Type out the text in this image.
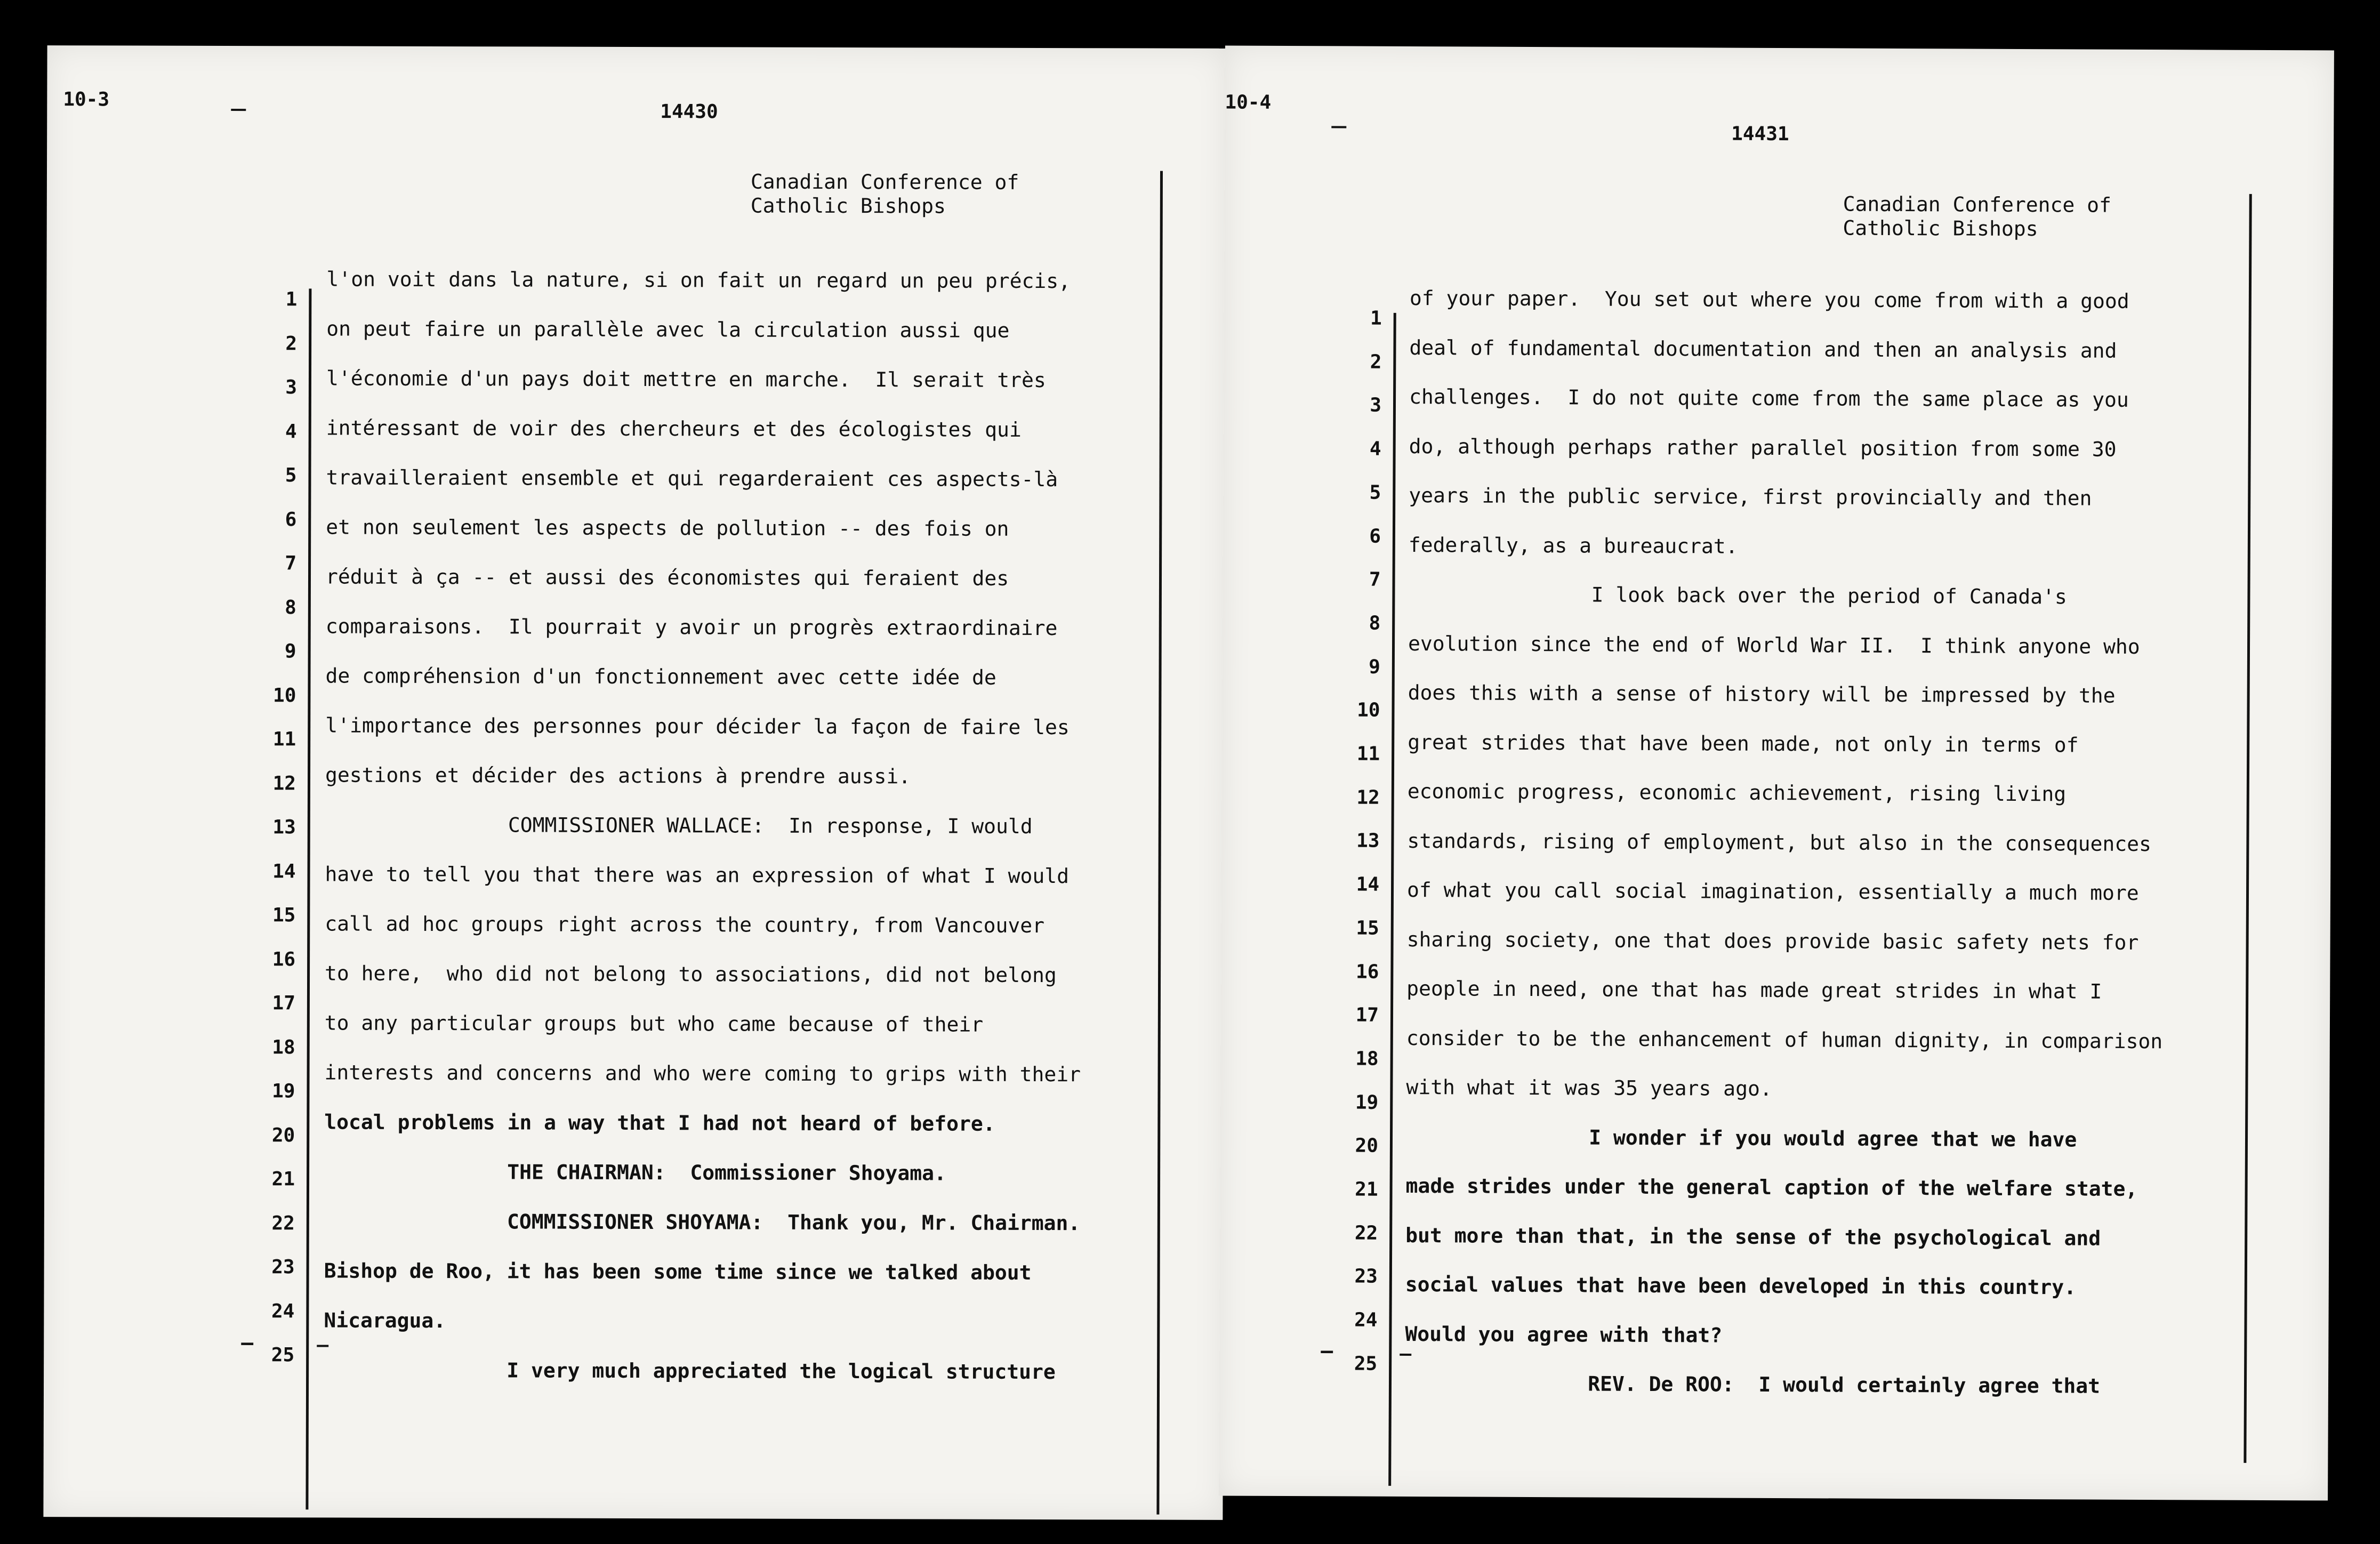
10-3
14430
Canadian Conference of
Catholic Bishops
1
2
3
4
5
6
7
8
9
10
11
12
13
14
15
16
17
18
19
20
21
22
23
24
25
l'on voit dans la nature, si on fait un regard un peu précis,
on peut faire un parallèle avec la circulation aussi que
l'économie d'un pays doit mettre en marche.  Il serait très
intéressant de voir des chercheurs et des écologistes qui
travailleraient ensemble et qui regarderaient ces aspects-là
et non seulement les aspects de pollution -- des fois on
réduit à ça -- et aussi des économistes qui feraient des
comparaisons.  Il pourrait y avoir un progrès extraordinaire
de compréhension d'un fonctionnement avec cette idée de
l'importance des personnes pour décider la façon de faire les
gestions et décider des actions à prendre aussi.
COMMISSIONER WALLACE:  In response, I would
have to tell you that there was an expression of what I would
call ad hoc groups right across the country, from Vancouver
to here,  who did not belong to associations, did not belong
to any particular groups but who came because of their
interests and concerns and who were coming to grips with their
local problems in a way that I had not heard of before.
THE CHAIRMAN:  Commissioner Shoyama.
COMMISSIONER SHOYAMA:  Thank you, Mr. Chairman.
Bishop de Roo, it has been some time since we talked about
Nicaragua.
I very much appreciated the logical structure
—
10-4
14431
Canadian Conference of
Catholic Bishops
1
2
3
4
5
6
7
8
9
10
11
12
13
14
15
16
17
18
19
20
21
22
23
24
25
of your paper.  You set out where you come from with a good
deal of fundamental documentation and then an analysis and
challenges.  I do not quite come from the same place as you
do, although perhaps rather parallel position from some 30
years in the public service, first provincially and then
federally, as a bureaucrat.
I look back over the period of Canada's
evolution since the end of World War II.  I think anyone who
does this with a sense of history will be impressed by the
great strides that have been made, not only in terms of
economic progress, economic achievement, rising living
standards, rising of employment, but also in the consequences
of what you call social imagination, essentially a much more
sharing society, one that does provide basic safety nets for
people in need, one that has made great strides in what I
consider to be the enhancement of human dignity, in comparison
with what it was 35 years ago.
I wonder if you would agree that we have
made strides under the general caption of the welfare state,
but more than that, in the sense of the psychological and
social values that have been developed in this country.
Would you agree with that?
REV. De ROO:  I would certainly agree that
—
